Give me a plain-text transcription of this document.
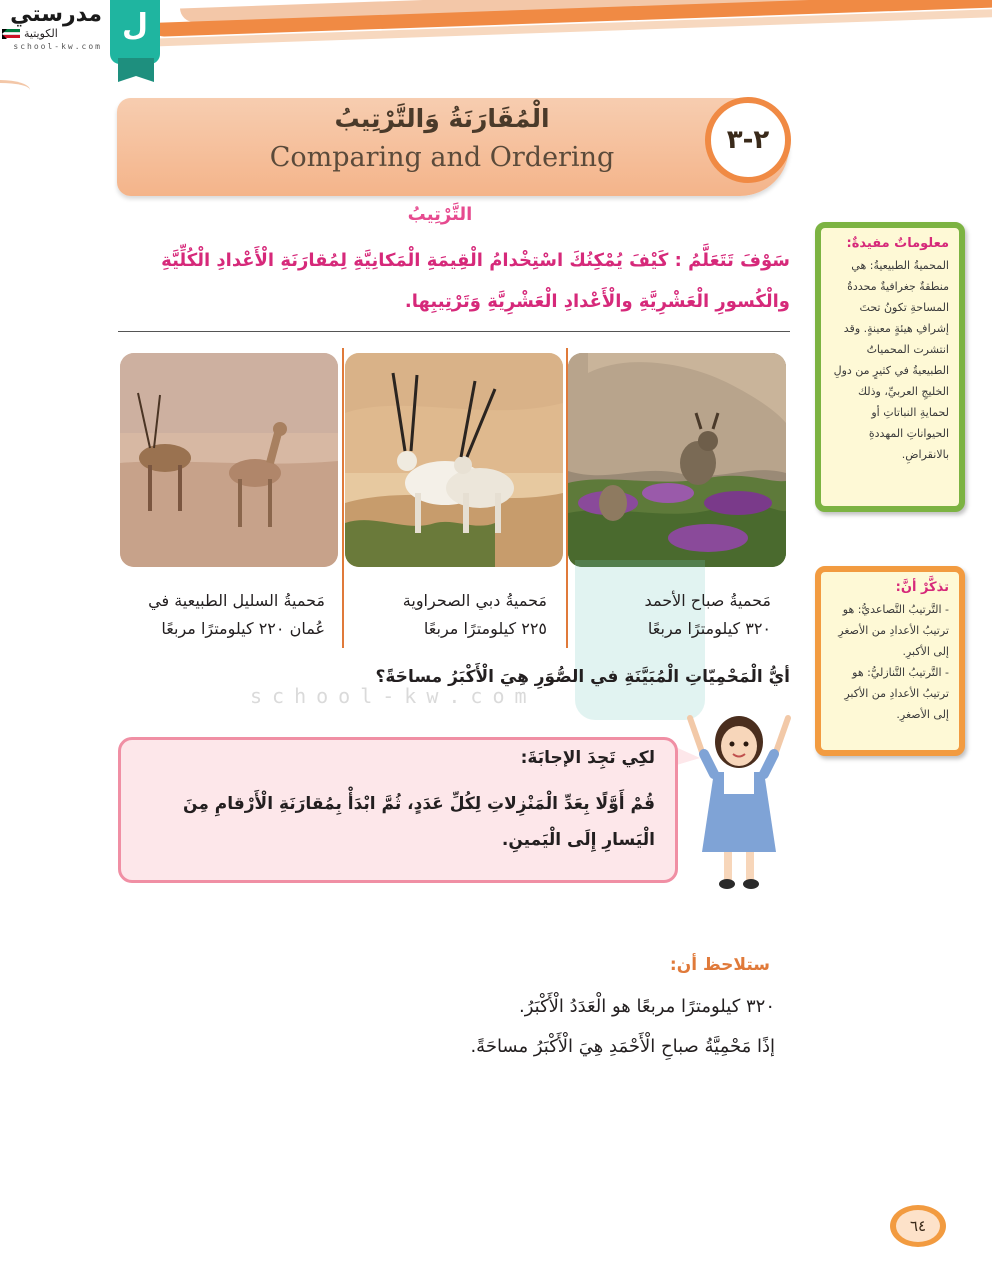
مدرستي
الكويتية
school-kw.com
ل
الْمُقَارَنَةُ وَالتَّرْتِيبُ
Comparing and Ordering
٢-٣
التَّرْتِيبُ
سَوْفَ تَتَعَلَّمُ : كَيْفَ يُمْكِنُكَ اسْتِخْدامُ الْقِيمَةِ الْمَكانِيَّةِ لِمُقارَنَةِ الْأَعْدادِ الْكُلِّيَّةِ والْكُسورِ الْعَشْرِيَّةِ والْأَعْدادِ الْعَشْرِيَّةِ وَتَرْتِيبِها.
school-kw.com
مَحميةُ صباح الأحمد
٣٢٠ كيلومترًا مربعًا
مَحميةُ دبي الصحراوية
٢٢٥ كيلومترًا مربعًا
مَحميةُ السليل الطبيعية في
عُمان ٢٢٠ كيلومترًا مربعًا
أيُّ الْمَحْمِيّاتِ الْمُبَيَّنَةِ في الصُّوَرِ هِيَ الْأَكْبَرُ مساحَةً؟
لكِي تَجِدَ الإجابَةَ:
قُمْ أَوَّلًا بِعَدِّ الْمَنْزِلاتِ لِكُلِّ عَدَدٍ، ثُمَّ ابْدَأْ بِمُقارَنَةِ الْأَرْقامِ مِنَ الْيَسارِ إِلَى الْيَمينِ.
ستلاحظ أن:
٣٢٠ كيلومترًا مربعًا هو الْعَدَدُ الْأَكْبَرُ.
إذًا مَحْمِيَّةُ صباحِ الْأَحْمَدِ هِيَ الْأَكْبَرُ مساحَةً.
معلوماتٌ مفيدةٌ:
المحميةُ الطبيعيةُ: هي منطقةٌ جغرافيةٌ محددةُ المساحةِ تكونُ تحتَ إشرافِ هيئةٍ معينةٍ. وقد انتشرت المحمياتُ الطبيعيةُ في كثيرٍ من دولِ الخليجِ العربيِّ، وذلك لحمايةِ النباتاتِ أو الحيواناتِ المهددةِ بالانقراضِ.
تذكَّرْ أنَّ:
- التَّرتيبُ التَّصاعديُّ: هو ترتيبُ الأعدادِ من الأصغرِ إلى الأكبرِ.
- التَّرتيبُ التَّنازليُّ: هو ترتيبُ الأعدادِ من الأكبرِ إلى الأصغرِ.
٦٤
